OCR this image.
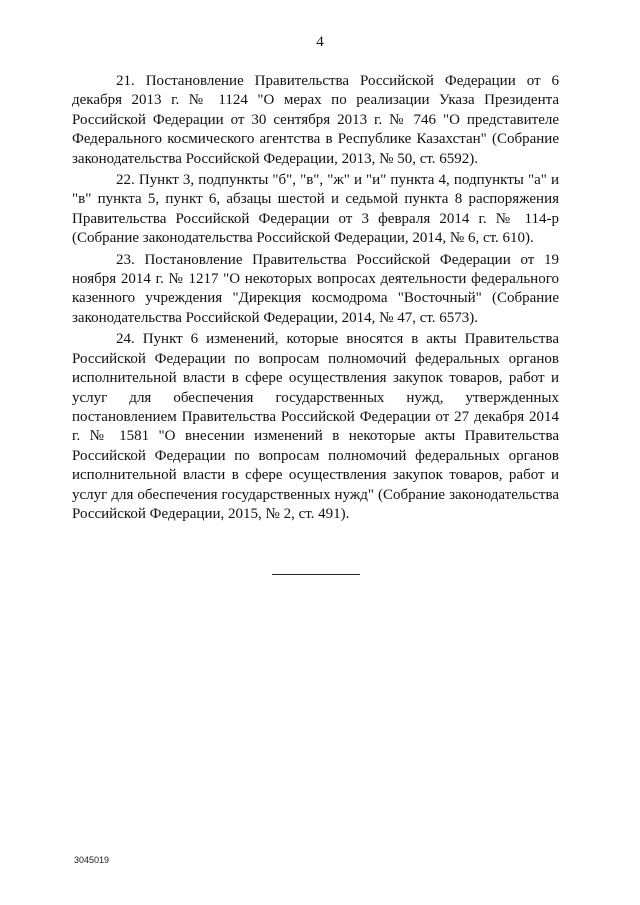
4

21. Постановление Правительства Российской Федерации от 6 декабря 2013 г. № 1124 "О мерах по реализации Указа Президента Российской Федерации от 30 сентября 2013 г. № 746 "О представителе Федерального космического агентства в Республике Казахстан" (Собрание законодательства Российской Федерации, 2013, № 50, ст. 6592).

22. Пункт 3, подпункты "б", "в", "ж" и "и" пункта 4, подпункты "а" и "в" пункта 5, пункт 6, абзацы шестой и седьмой пункта 8 распоряжения Правительства Российской Федерации от 3 февраля 2014 г. № 114-р (Собрание законодательства Российской Федерации, 2014, № 6, ст. 610).

23. Постановление Правительства Российской Федерации от 19 ноября 2014 г. № 1217 "О некоторых вопросах деятельности федерального казенного учреждения "Дирекция космодрома "Восточный" (Собрание законодательства Российской Федерации, 2014, № 47, ст. 6573).

24. Пункт 6 изменений, которые вносятся в акты Правительства Российской Федерации по вопросам полномочий федеральных органов исполнительной власти в сфере осуществления закупок товаров, работ и услуг для обеспечения государственных нужд, утвержденных постановлением Правительства Российской Федерации от 27 декабря 2014 г. № 1581 "О внесении изменений в некоторые акты Правительства Российской Федерации по вопросам полномочий федеральных органов исполнительной власти в сфере осуществления закупок товаров, работ и услуг для обеспечения государственных нужд" (Собрание законодательства Российской Федерации, 2015, № 2, ст. 491).

3045019
